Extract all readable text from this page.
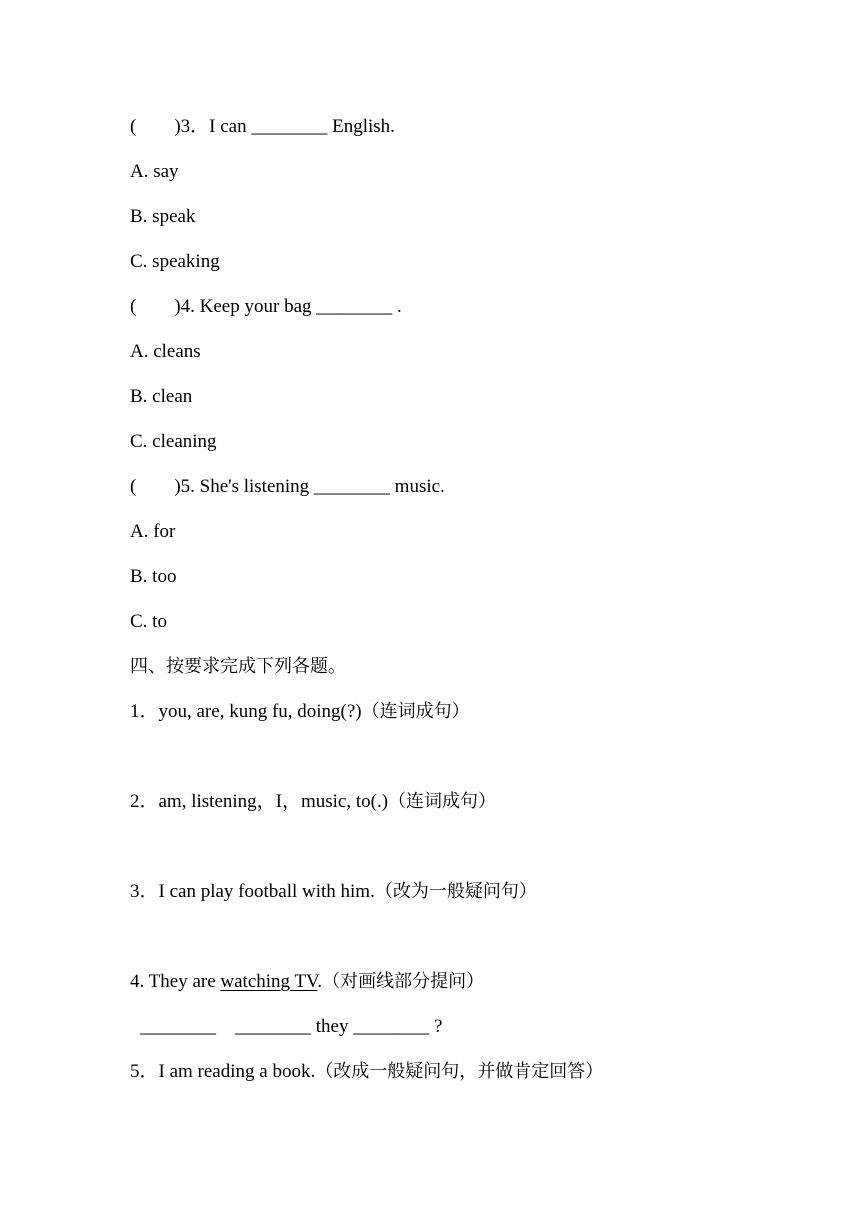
(        )3．I can ________ English.
A. say
B. speak
C. speaking
(        )4. Keep your bag ________ .
A. cleans
B. clean
C. cleaning
(        )5. She's listening ________ music.
A. for
B. too
C. to
四、按要求完成下列各题。
1．you, are, kung fu, doing(?)（连词成句）
2．am, listening，I，music, to(.)（连词成句）
3．I can play football with him.（改为一般疑问句）
4. They are watching TV.（对画线部分提问）
________    ________ they ________ ?
5．I am reading a book.（改成一般疑问句，并做肯定回答）
